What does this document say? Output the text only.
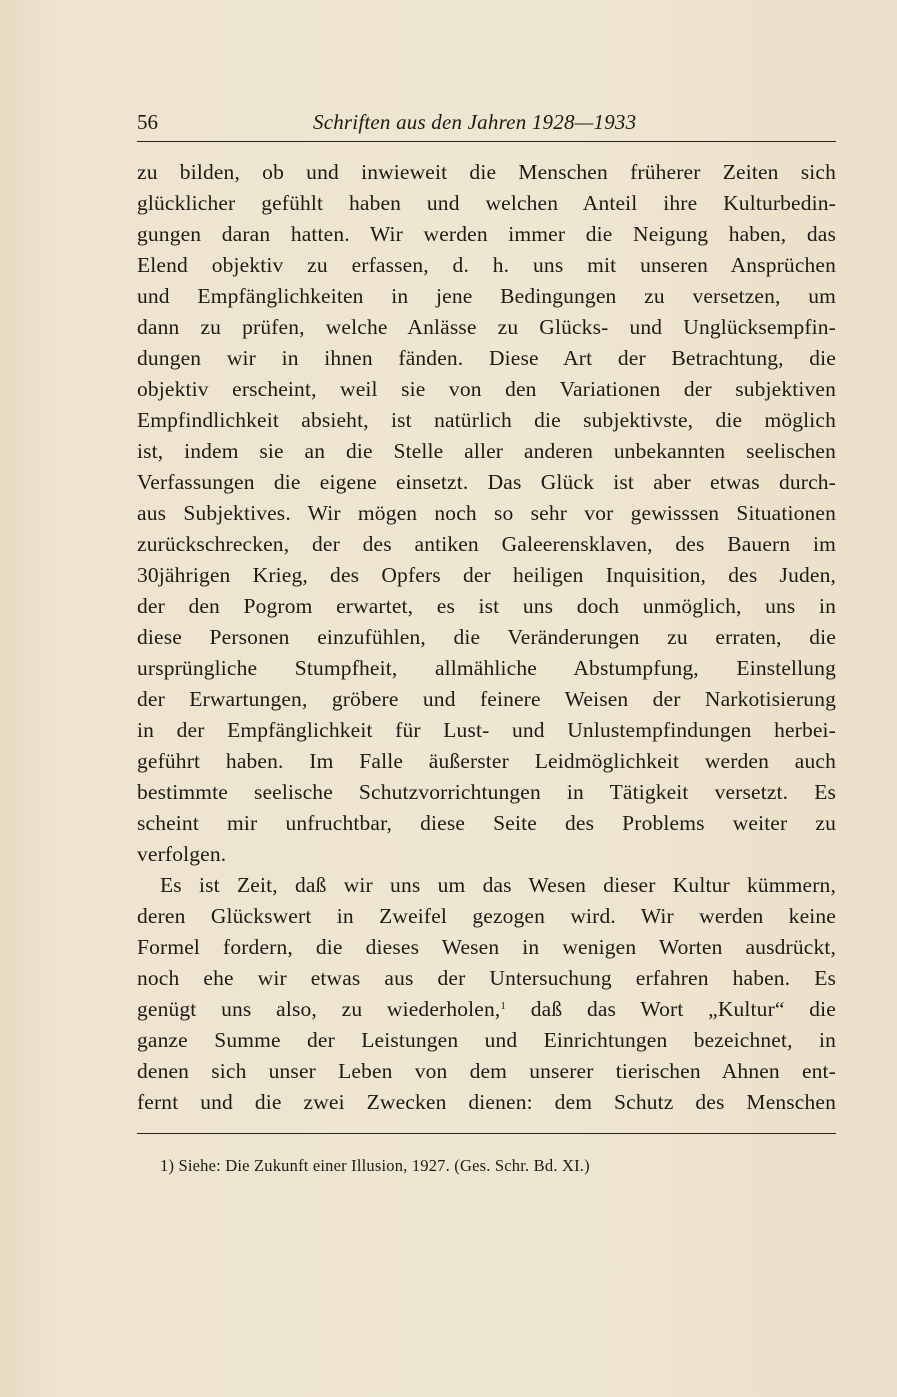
56	Schriften aus den Jahren 1928—1933
zu bilden, ob und inwieweit die Menschen früherer Zeiten sich
glücklicher gefühlt haben und welchen Anteil ihre Kulturbedin-
gungen daran hatten. Wir werden immer die Neigung haben, das
Elend objektiv zu erfassen, d. h. uns mit unseren Ansprüchen
und Empfänglichkeiten in jene Bedingungen zu versetzen, um
dann zu prüfen, welche Anlässe zu Glücks- und Unglücksempfin-
dungen wir in ihnen fänden. Diese Art der Betrachtung, die
objektiv erscheint, weil sie von den Variationen der subjektiven
Empfindlichkeit absieht, ist natürlich die subjektivste, die möglich
ist, indem sie an die Stelle aller anderen unbekannten seelischen
Verfassungen die eigene einsetzt. Das Glück ist aber etwas durch-
aus Subjektives. Wir mögen noch so sehr vor gewisssen Situationen
zurückschrecken, der des antiken Galeerensklaven, des Bauern im
30jährigen Krieg, des Opfers der heiligen Inquisition, des Juden,
der den Pogrom erwartet, es ist uns doch unmöglich, uns in
diese Personen einzufühlen, die Veränderungen zu erraten, die
ursprüngliche Stumpfheit, allmähliche Abstumpfung, Einstellung
der Erwartungen, gröbere und feinere Weisen der Narkotisierung
in der Empfänglichkeit für Lust- und Unlustempfindungen herbei-
geführt haben. Im Falle äußerster Leidmöglichkeit werden auch
bestimmte seelische Schutzvorrichtungen in Tätigkeit versetzt. Es
scheint mir unfruchtbar, diese Seite des Problems weiter zu
verfolgen.
Es ist Zeit, daß wir uns um das Wesen dieser Kultur kümmern,
deren Glückswert in Zweifel gezogen wird. Wir werden keine
Formel fordern, die dieses Wesen in wenigen Worten ausdrückt,
noch ehe wir etwas aus der Untersuchung erfahren haben. Es
genügt uns also, zu wiederholen,$^1$ daß das Wort „Kultur“ die
ganze Summe der Leistungen und Einrichtungen bezeichnet, in
denen sich unser Leben von dem unserer tierischen Ahnen ent-
fernt und die zwei Zwecken dienen: dem Schutz des Menschen
1) Siehe: Die Zukunft einer Illusion, 1927. (Ges. Schr. Bd. XI.)
